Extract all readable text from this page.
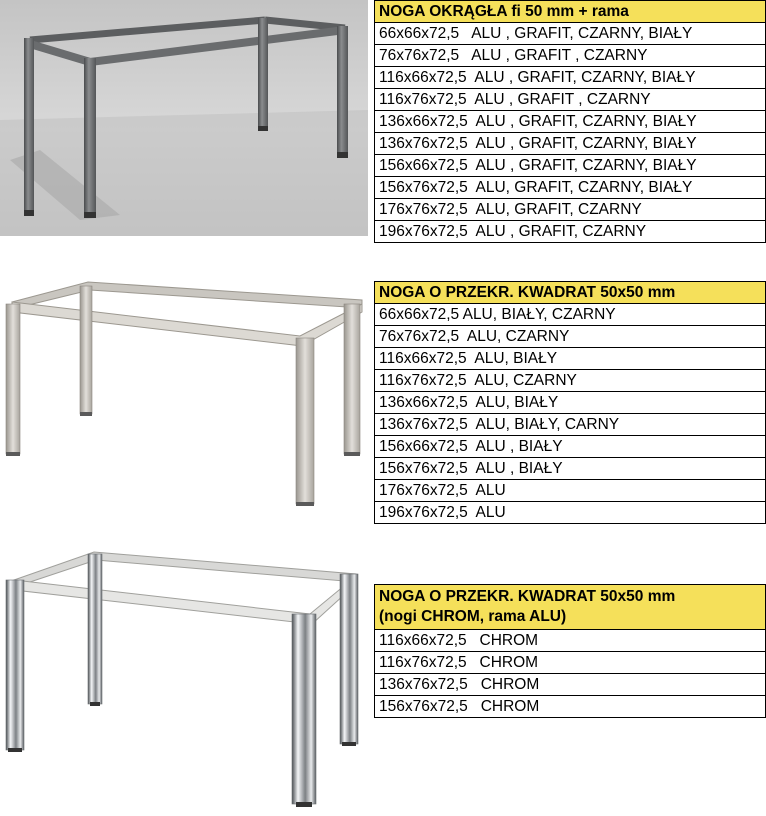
NOGA OKRĄGŁA fi 50 mm + rama
66x66x72,5   ALU , GRAFIT, CZARNY, BIAŁY
76x76x72,5   ALU , GRAFIT , CZARNY
116x66x72,5  ALU , GRAFIT, CZARNY, BIAŁY
116x76x72,5  ALU , GRAFIT , CZARNY
136x66x72,5  ALU , GRAFIT, CZARNY, BIAŁY
136x76x72,5  ALU , GRAFIT, CZARNY, BIAŁY
156x66x72,5  ALU , GRAFIT, CZARNY, BIAŁY
156x76x72,5  ALU, GRAFIT, CZARNY, BIAŁY
176x76x72,5  ALU, GRAFIT, CZARNY
196x76x72,5  ALU , GRAFIT, CZARNY
NOGA O PRZEKR. KWADRAT 50x50 mm
66x66x72,5 ALU, BIAŁY, CZARNY
76x76x72,5  ALU, CZARNY
116x66x72,5  ALU, BIAŁY
116x76x72,5  ALU, CZARNY
136x66x72,5  ALU, BIAŁY
136x76x72,5  ALU, BIAŁY, CARNY
156x66x72,5  ALU , BIAŁY
156x76x72,5  ALU , BIAŁY
176x76x72,5  ALU
196x76x72,5  ALU
NOGA O PRZEKR. KWADRAT 50x50 mm
(nogi CHROM, rama ALU)

116x66x72,5   CHROM
116x76x72,5   CHROM
136x76x72,5   CHROM
156x76x72,5   CHROM
